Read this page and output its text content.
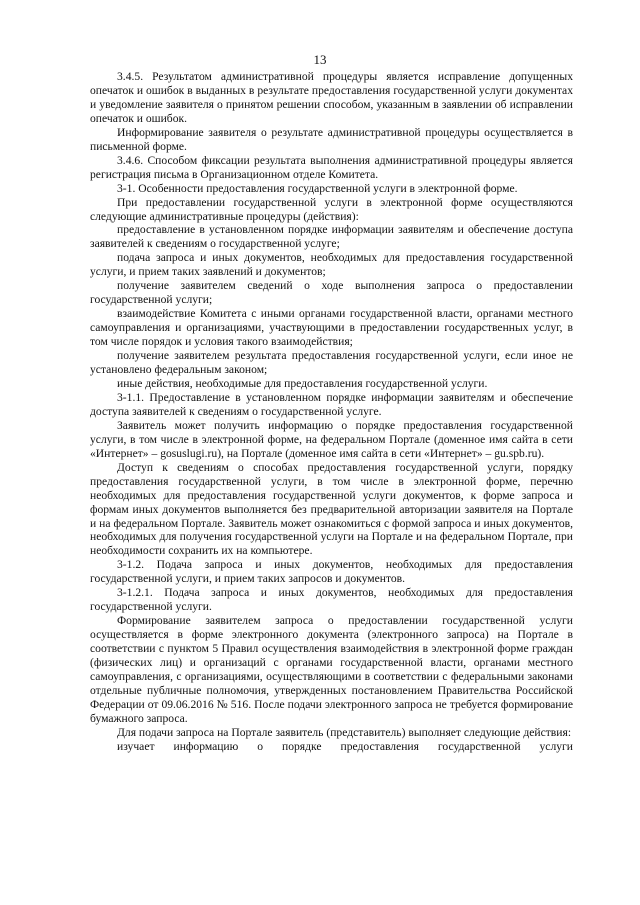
13

3.4.5. Результатом административной процедуры является исправление допущенных опечаток и ошибок в выданных в результате предоставления государственной услуги документах и уведомление заявителя о принятом решении способом, указанным в заявлении об исправлении опечаток и ошибок.

Информирование заявителя о результате административной процедуры осуществляется в письменной форме.

3.4.6. Способом фиксации результата выполнения административной процедуры является регистрация письма в Организационном отделе Комитета.

3-1. Особенности предоставления государственной услуги в электронной форме.

При предоставлении государственной услуги в электронной форме осуществляются следующие административные процедуры (действия):

предоставление в установленном порядке информации заявителям и обеспечение доступа заявителей к сведениям о государственной услуге;

подача запроса и иных документов, необходимых для предоставления государственной услуги, и прием таких заявлений и документов;

получение заявителем сведений о ходе выполнения запроса о предоставлении государственной услуги;

взаимодействие Комитета с иными органами государственной власти, органами местного самоуправления и организациями, участвующими в предоставлении государственных услуг, в том числе порядок и условия такого взаимодействия;

получение заявителем результата предоставления государственной услуги, если иное не установлено федеральным законом;

иные действия, необходимые для предоставления государственной услуги.

3-1.1. Предоставление в установленном порядке информации заявителям и обеспечение доступа заявителей к сведениям о государственной услуге.

Заявитель может получить информацию о порядке предоставления государственной услуги, в том числе в электронной форме, на федеральном Портале (доменное имя сайта в сети «Интернет» – gosuslugi.ru), на Портале (доменное имя сайта в сети «Интернет» – gu.spb.ru).

Доступ к сведениям о способах предоставления государственной услуги, порядку предоставления государственной услуги, в том числе в электронной форме, перечню необходимых для предоставления государственной услуги документов, к форме запроса и формам иных документов выполняется без предварительной авторизации заявителя на Портале и на федеральном Портале. Заявитель может ознакомиться с формой запроса и иных документов, необходимых для получения государственной услуги на Портале и на федеральном Портале, при необходимости сохранить их на компьютере.

3-1.2. Подача запроса и иных документов, необходимых для предоставления государственной услуги, и прием таких запросов и документов.

3-1.2.1. Подача запроса и иных документов, необходимых для предоставления государственной услуги.

Формирование заявителем запроса о предоставлении государственной услуги осуществляется в форме электронного документа (электронного запроса) на Портале в соответствии с пунктом 5 Правил осуществления взаимодействия в электронной форме граждан (физических лиц) и организаций с органами государственной власти, органами местного самоуправления, с организациями, осуществляющими в соответствии с федеральными законами отдельные публичные полномочия, утвержденных постановлением Правительства Российской Федерации от 09.06.2016 № 516. После подачи электронного запроса не требуется формирование бумажного запроса.

Для подачи запроса на Портале заявитель (представитель) выполняет следующие действия:

изучает информацию о порядке предоставления государственной услуги
